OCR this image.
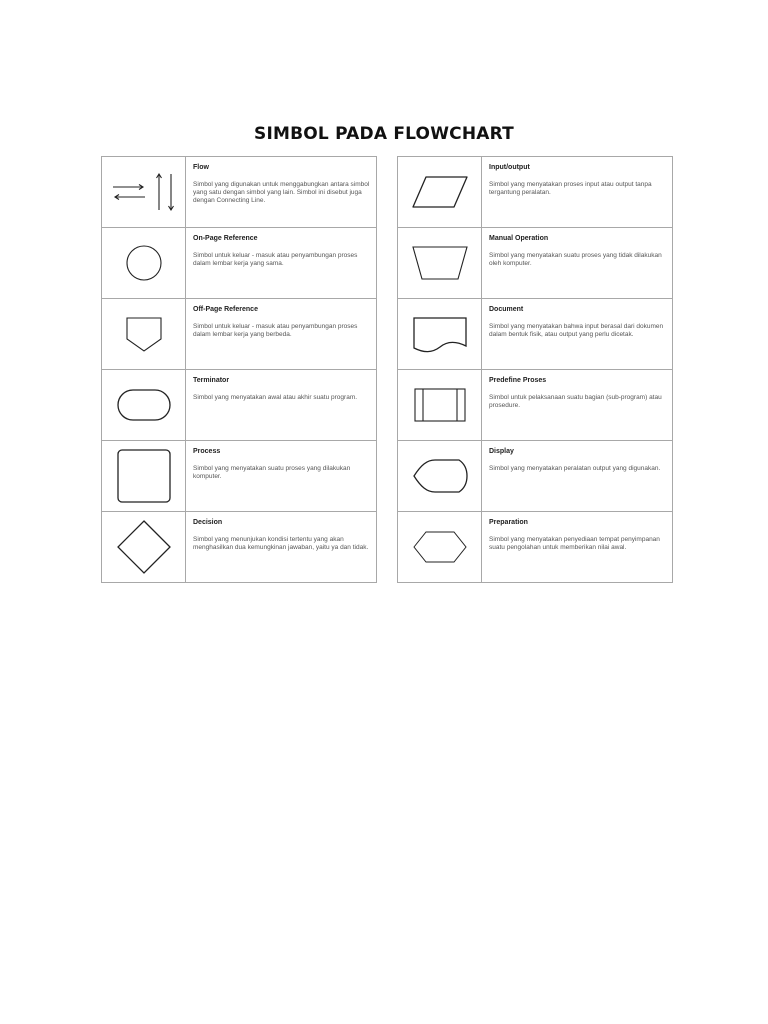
SIMBOL PADA FLOWCHART

Flow
Simbol yang digunakan untuk menggabungkan antara simbol yang satu dengan simbol yang lain. Simbol ini disebut juga dengan Connecting Line.

On-Page Reference
Simbol untuk keluar - masuk atau penyambungan proses dalam lembar kerja yang sama.

Off-Page Reference
Simbol untuk keluar - masuk atau penyambungan proses dalam lembar kerja yang berbeda.

Terminator
Simbol yang menyatakan awal atau akhir suatu program.

Process
Simbol yang menyatakan suatu proses yang dilakukan komputer.

Decision
Simbol yang menunjukan kondisi tertentu yang akan menghasilkan dua kemungkinan jawaban, yaitu ya dan tidak.

Input/output
Simbol yang menyatakan proses input atau output tanpa tergantung peralatan.

Manual Operation
Simbol yang menyatakan suatu proses yang tidak dilakukan oleh komputer.

Document
Simbol yang menyatakan bahwa input berasal dari dokumen dalam bentuk fisik, atau output yang perlu dicetak.

Predefine Proses
Simbol untuk pelaksanaan suatu bagian (sub-program) atau prosedure.

Display
Simbol yang menyatakan peralatan output yang digunakan.

Preparation
Simbol yang menyatakan penyediaan tempat penyimpanan suatu pengolahan untuk memberikan nilai awal.
